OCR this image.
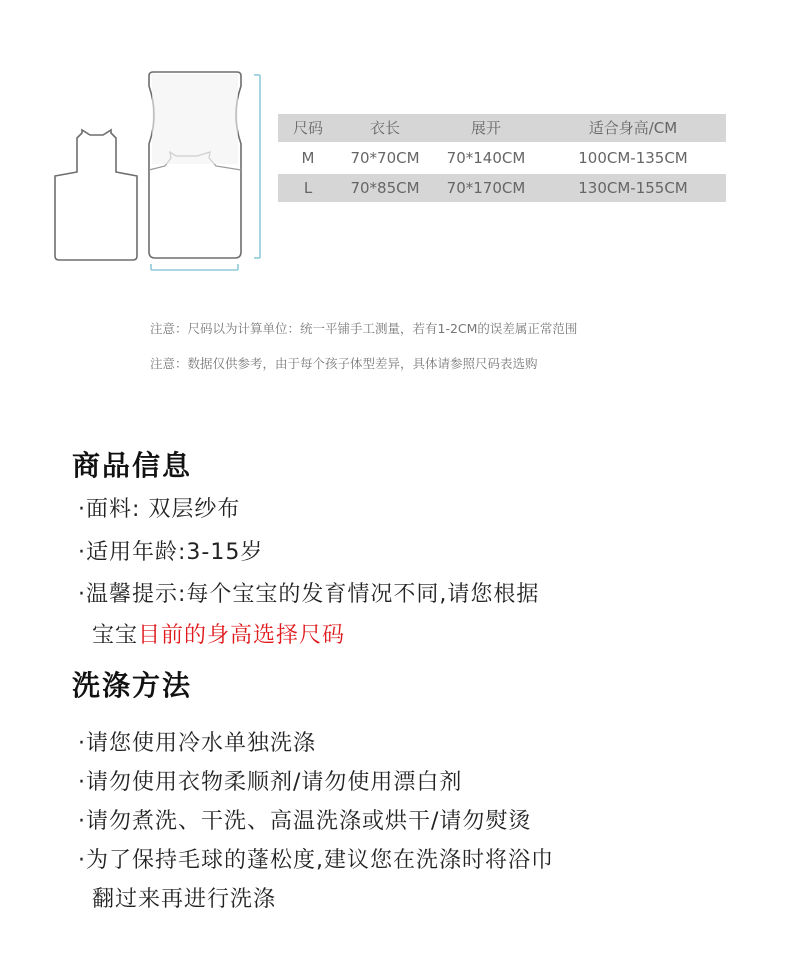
尺码	衣长	展开	适合身高/CM
M	70*70CM	70*140CM	100CM-135CM
L	70*85CM	70*170CM	130CM-155CM
注意：尺码以为计算单位：统一平铺手工测量，若有1-2CM的误差属正常范围
注意：数据仅供参考，由于每个孩子体型差异，具体请参照尺码表选购
商品信息
·面料: 双层纱布
·适用年龄:3-15岁
·温馨提示:每个宝宝的发育情况不同,请您根据
宝宝目前的身高选择尺码
洗涤方法
·请您使用冷水单独洗涤
·请勿使用衣物柔顺剂/请勿使用漂白剂
·请勿煮洗、干洗、高温洗涤或烘干/请勿熨烫
·为了保持毛球的蓬松度,建议您在洗涤时将浴巾
翻过来再进行洗涤
